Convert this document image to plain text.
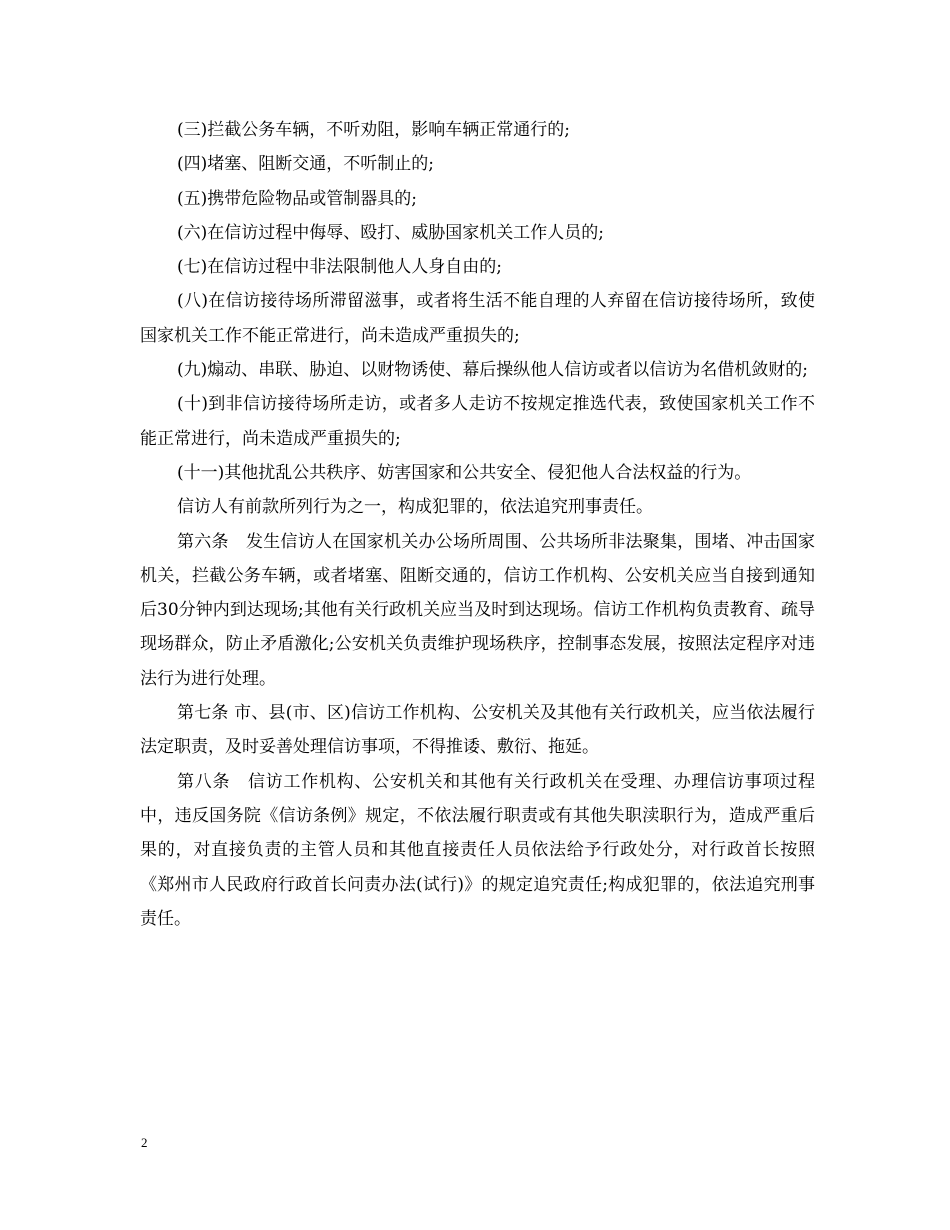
(三)拦截公务车辆，不听劝阻，影响车辆正常通行的;

(四)堵塞、阻断交通，不听制止的;

(五)携带危险物品或管制器具的;

(六)在信访过程中侮辱、殴打、威胁国家机关工作人员的;

(七)在信访过程中非法限制他人人身自由的;

(八)在信访接待场所滞留滋事，或者将生活不能自理的人弃留在信访接待场所，致使国家机关工作不能正常进行，尚未造成严重损失的;

(九)煽动、串联、胁迫、以财物诱使、幕后操纵他人信访或者以信访为名借机敛财的;

(十)到非信访接待场所走访，或者多人走访不按规定推选代表，致使国家机关工作不能正常进行，尚未造成严重损失的;

(十一)其他扰乱公共秩序、妨害国家和公共安全、侵犯他人合法权益的行为。

信访人有前款所列行为之一，构成犯罪的，依法追究刑事责任。

第六条　发生信访人在国家机关办公场所周围、公共场所非法聚集，围堵、冲击国家机关，拦截公务车辆，或者堵塞、阻断交通的，信访工作机构、公安机关应当自接到通知后30分钟内到达现场;其他有关行政机关应当及时到达现场。信访工作机构负责教育、疏导现场群众，防止矛盾激化;公安机关负责维护现场秩序，控制事态发展，按照法定程序对违法行为进行处理。

第七条 市、县(市、区)信访工作机构、公安机关及其他有关行政机关，应当依法履行法定职责，及时妥善处理信访事项，不得推诿、敷衍、拖延。

第八条　信访工作机构、公安机关和其他有关行政机关在受理、办理信访事项过程中，违反国务院《信访条例》规定，不依法履行职责或有其他失职渎职行为，造成严重后果的，对直接负责的主管人员和其他直接责任人员依法给予行政处分，对行政首长按照《郑州市人民政府行政首长问责办法(试行)》的规定追究责任;构成犯罪的，依法追究刑事责任。

2
